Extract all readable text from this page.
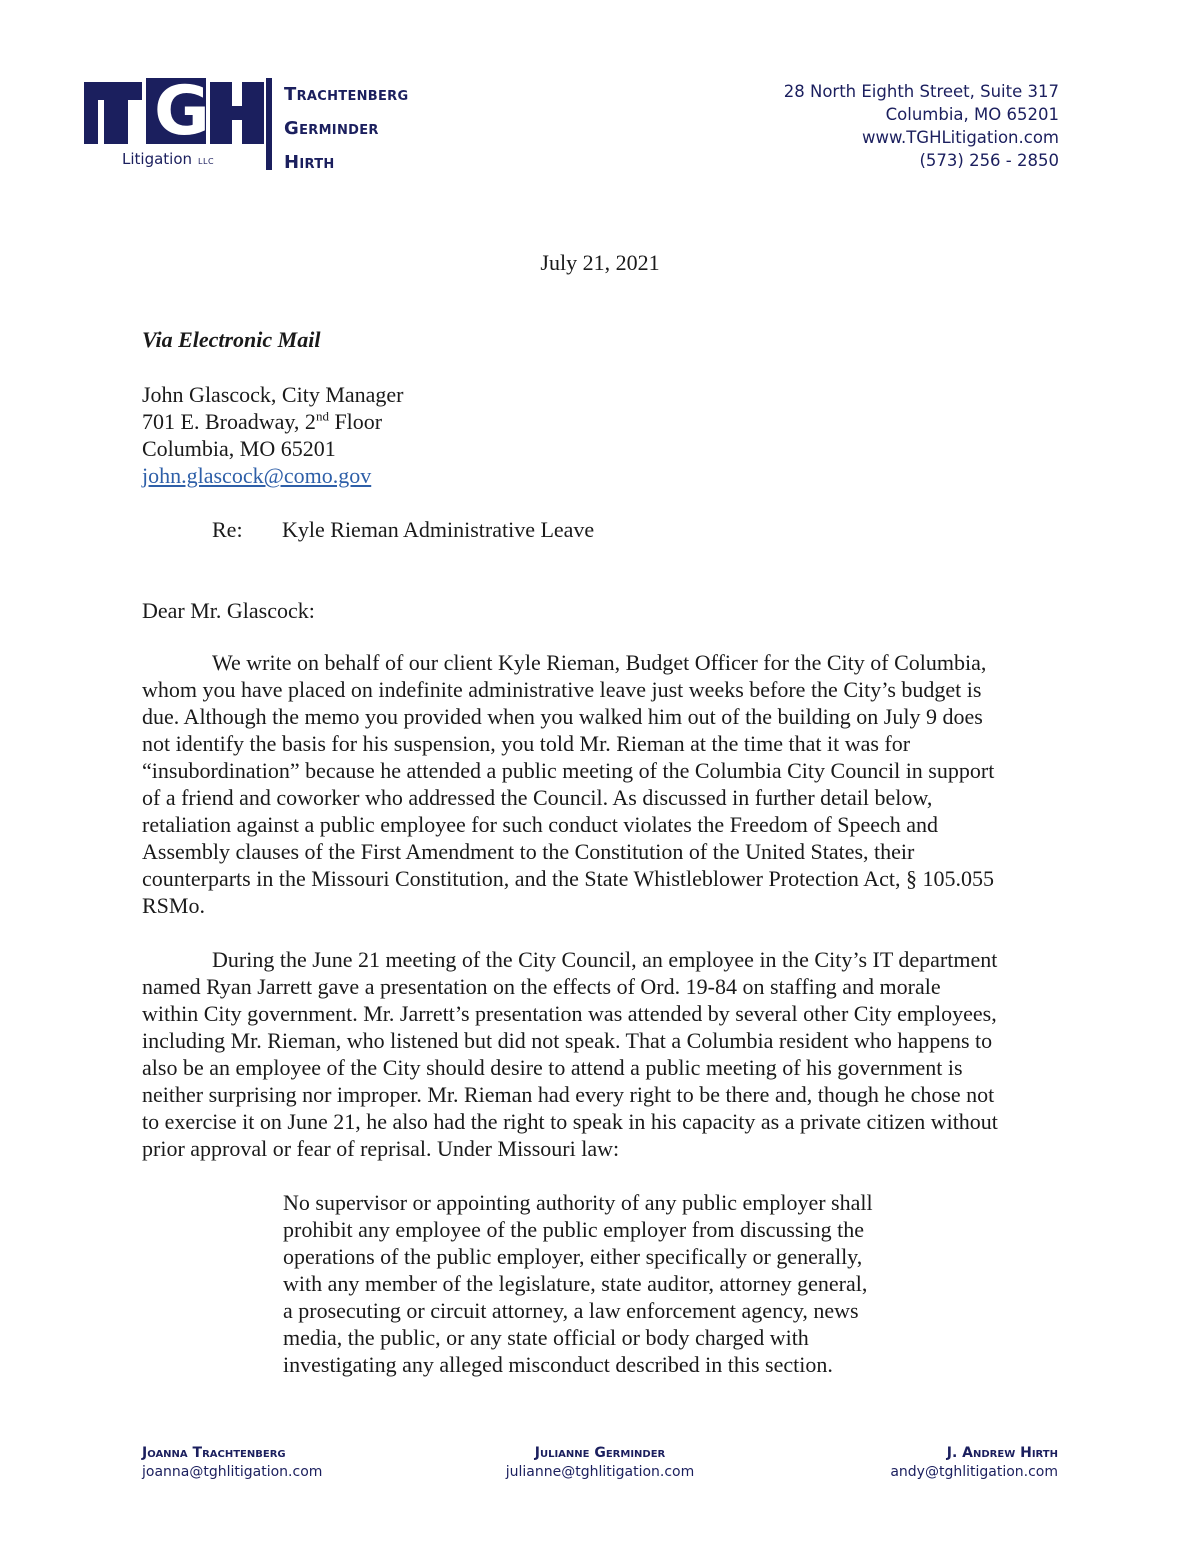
G
Litigation LLC
Trachtenberg
Germinder
Hirth
28 North Eighth Street, Suite 317
Columbia, MO 65201
www.TGHLitigation.com
(573) 256 - 2850
July 21, 2021
Via Electronic Mail
John Glascock, City Manager
701 E. Broadway, 2nd Floor
Columbia, MO 65201
john.glascock@como.gov
Re: Kyle Rieman Administrative Leave
Dear Mr. Glascock:
We write on behalf of our client Kyle Rieman, Budget Officer for the City of Columbia,
whom you have placed on indefinite administrative leave just weeks before the City’s budget is
due. Although the memo you provided when you walked him out of the building on July 9 does
not identify the basis for his suspension, you told Mr. Rieman at the time that it was for
“insubordination” because he attended a public meeting of the Columbia City Council in support
of a friend and coworker who addressed the Council. As discussed in further detail below,
retaliation against a public employee for such conduct violates the Freedom of Speech and
Assembly clauses of the First Amendment to the Constitution of the United States, their
counterparts in the Missouri Constitution, and the State Whistleblower Protection Act, § 105.055
RSMo.
During the June 21 meeting of the City Council, an employee in the City’s IT department
named Ryan Jarrett gave a presentation on the effects of Ord. 19-84 on staffing and morale
within City government. Mr. Jarrett’s presentation was attended by several other City employees,
including Mr. Rieman, who listened but did not speak. That a Columbia resident who happens to
also be an employee of the City should desire to attend a public meeting of his government is
neither surprising nor improper. Mr. Rieman had every right to be there and, though he chose not
to exercise it on June 21, he also had the right to speak in his capacity as a private citizen without
prior approval or fear of reprisal. Under Missouri law:
No supervisor or appointing authority of any public employer shall
prohibit any employee of the public employer from discussing the
operations of the public employer, either specifically or generally,
with any member of the legislature, state auditor, attorney general,
a prosecuting or circuit attorney, a law enforcement agency, news
media, the public, or any state official or body charged with
investigating any alleged misconduct described in this section.
Joanna Trachtenberg
joanna@tghlitigation.com
Julianne Germinder
julianne@tghlitigation.com
J. Andrew Hirth
andy@tghlitigation.com
